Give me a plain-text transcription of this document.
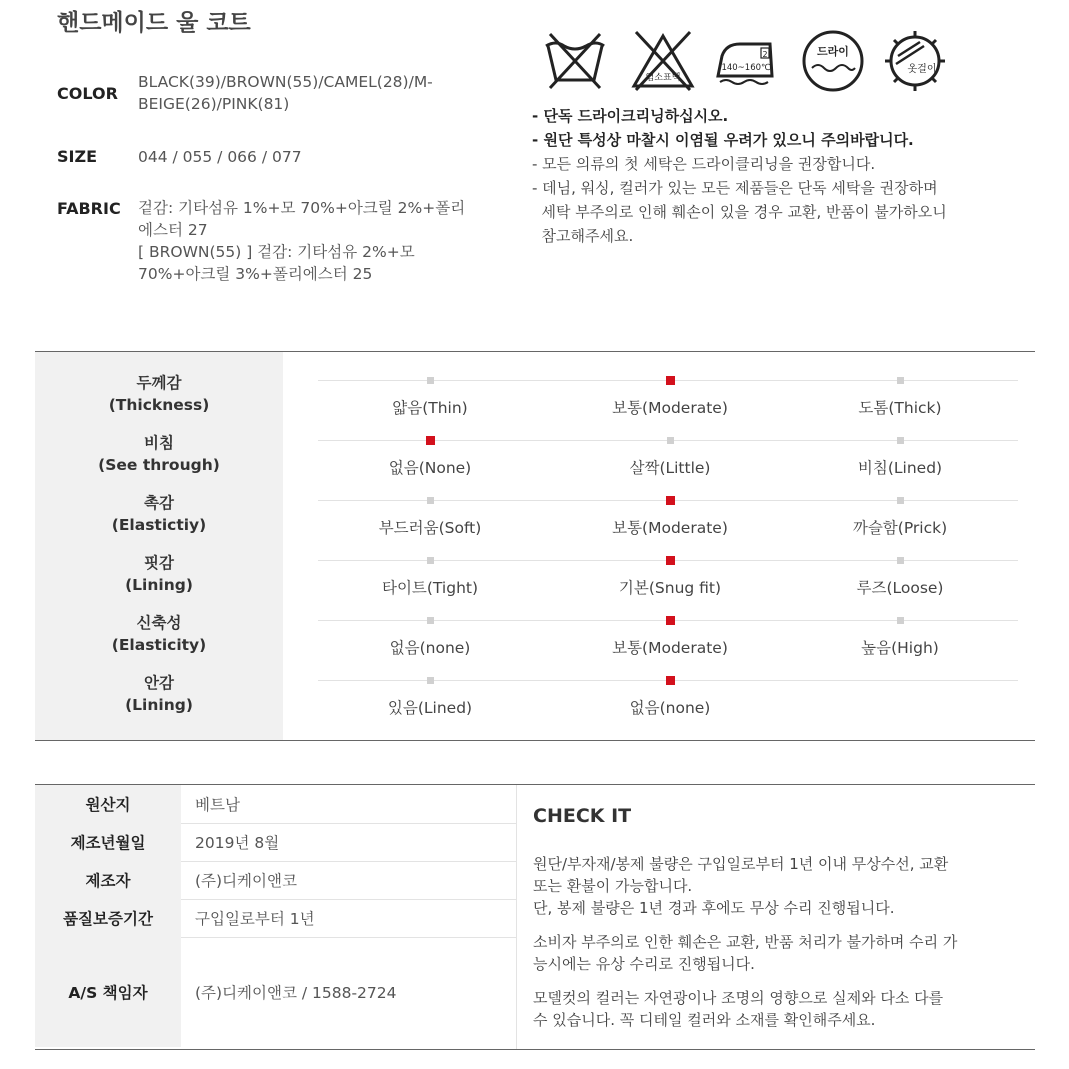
핸드메이드 울 코트
COLOR
BLACK(39)/BROWN(55)/CAMEL(28)/M-
BEIGE(26)/PINK(81)
SIZE	044 / 055 / 066 / 077
FABRIC 겉감: 기타섬유 1%+모 70%+아크릴 2%+폴리
에스터 27
[ BROWN(55) ] 겉감: 기타섬유 2%+모
70%+아크릴 3%+폴리에스터 25
염소표백
2
140~160℃
드라이
옷걸이
- 단독 드라이크리닝하십시오.
- 원단 특성상 마찰시 이염될 우려가 있으니 주의바랍니다.
- 모든 의류의 첫 세탁은 드라이클리닝을 권장합니다.
- 데님, 워싱, 컬러가 있는 모든 제품들은 단독 세탁을 권장하며
세탁 부주의로 인해 훼손이 있을 경우 교환, 반품이 불가하오니
참고해주세요.
두께감
(Thickness)	얇음(Thin)	보통(Moderate)	도톰(Thick)
비침
(See through)	없음(None)	살짝(Little)	비침(Lined)
촉감
(Elastictiy)	부드러움(Soft)	보통(Moderate)	까슬함(Prick)
핏감
(Lining)	타이트(Tight)	기본(Snug fit)	루즈(Loose)
신축성
(Elasticity)	없음(none)	보통(Moderate)	높음(High)
안감
(Lining)	있음(Lined)	없음(none)
원산지	베트남
제조년월일	2019년 8월
제조자	(주)디케이앤코
품질보증기간	구입일로부터 1년
A/S 책임자	(주)디케이앤코 / 1588-2724
CHECK IT
원단/부자재/봉제 불량은 구입일로부터 1년 이내 무상수선, 교환
또는 환불이 가능합니다.
단, 봉제 불량은 1년 경과 후에도 무상 수리 진행됩니다.
소비자 부주의로 인한 훼손은 교환, 반품 처리가 불가하며 수리 가
능시에는 유상 수리로 진행됩니다.
모델컷의 컬러는 자연광이나 조명의 영향으로 실제와 다소 다를
수 있습니다. 꼭 디테일 컬러와 소재를 확인해주세요.
